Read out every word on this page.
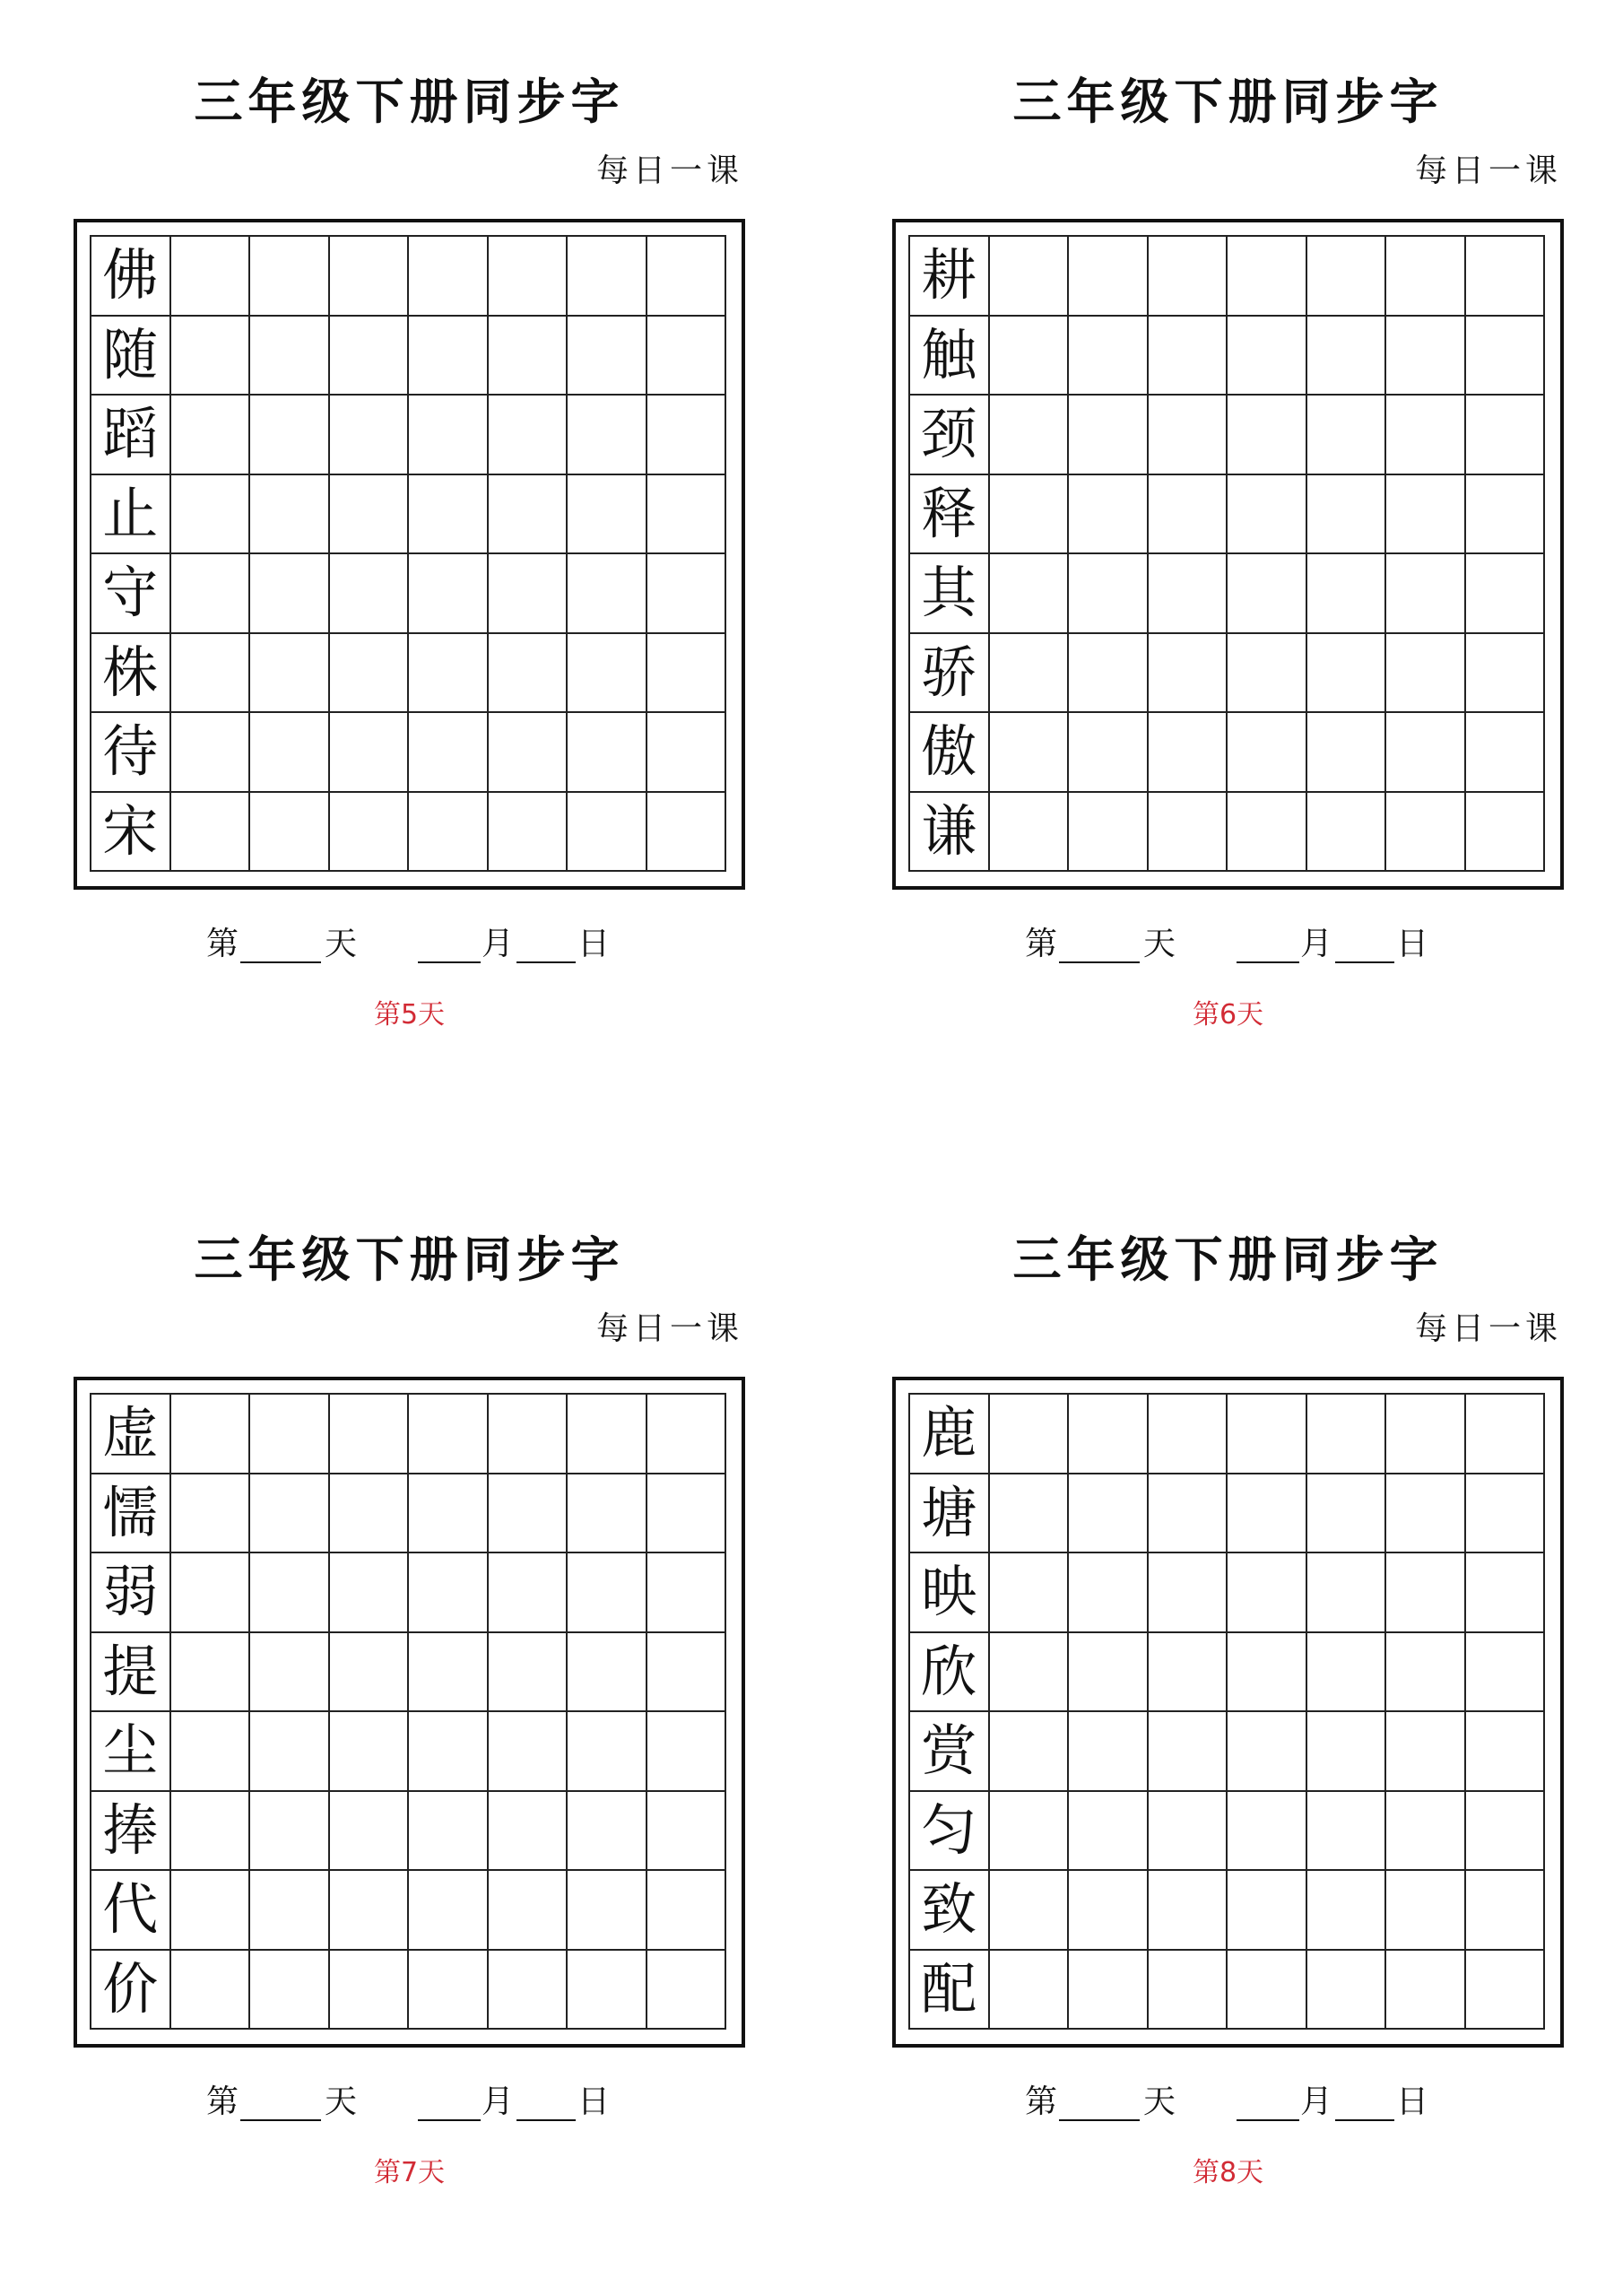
三年级下册同步字
每日一课
佛
随
蹈
止
守
株
待
宋
第	天	月 日
第5天
三年级下册同步字
每日一课
耕
触
颈
释
其
骄
傲
谦
第	天	月 日
第6天
三年级下册同步字
每日一课
虚
懦
弱
提
尘
捧
代
价
第	天	月 日
第7天
三年级下册同步字
每日一课
鹿
塘
映
欣
赏
匀
致
配
第	天	月 日
第8天
